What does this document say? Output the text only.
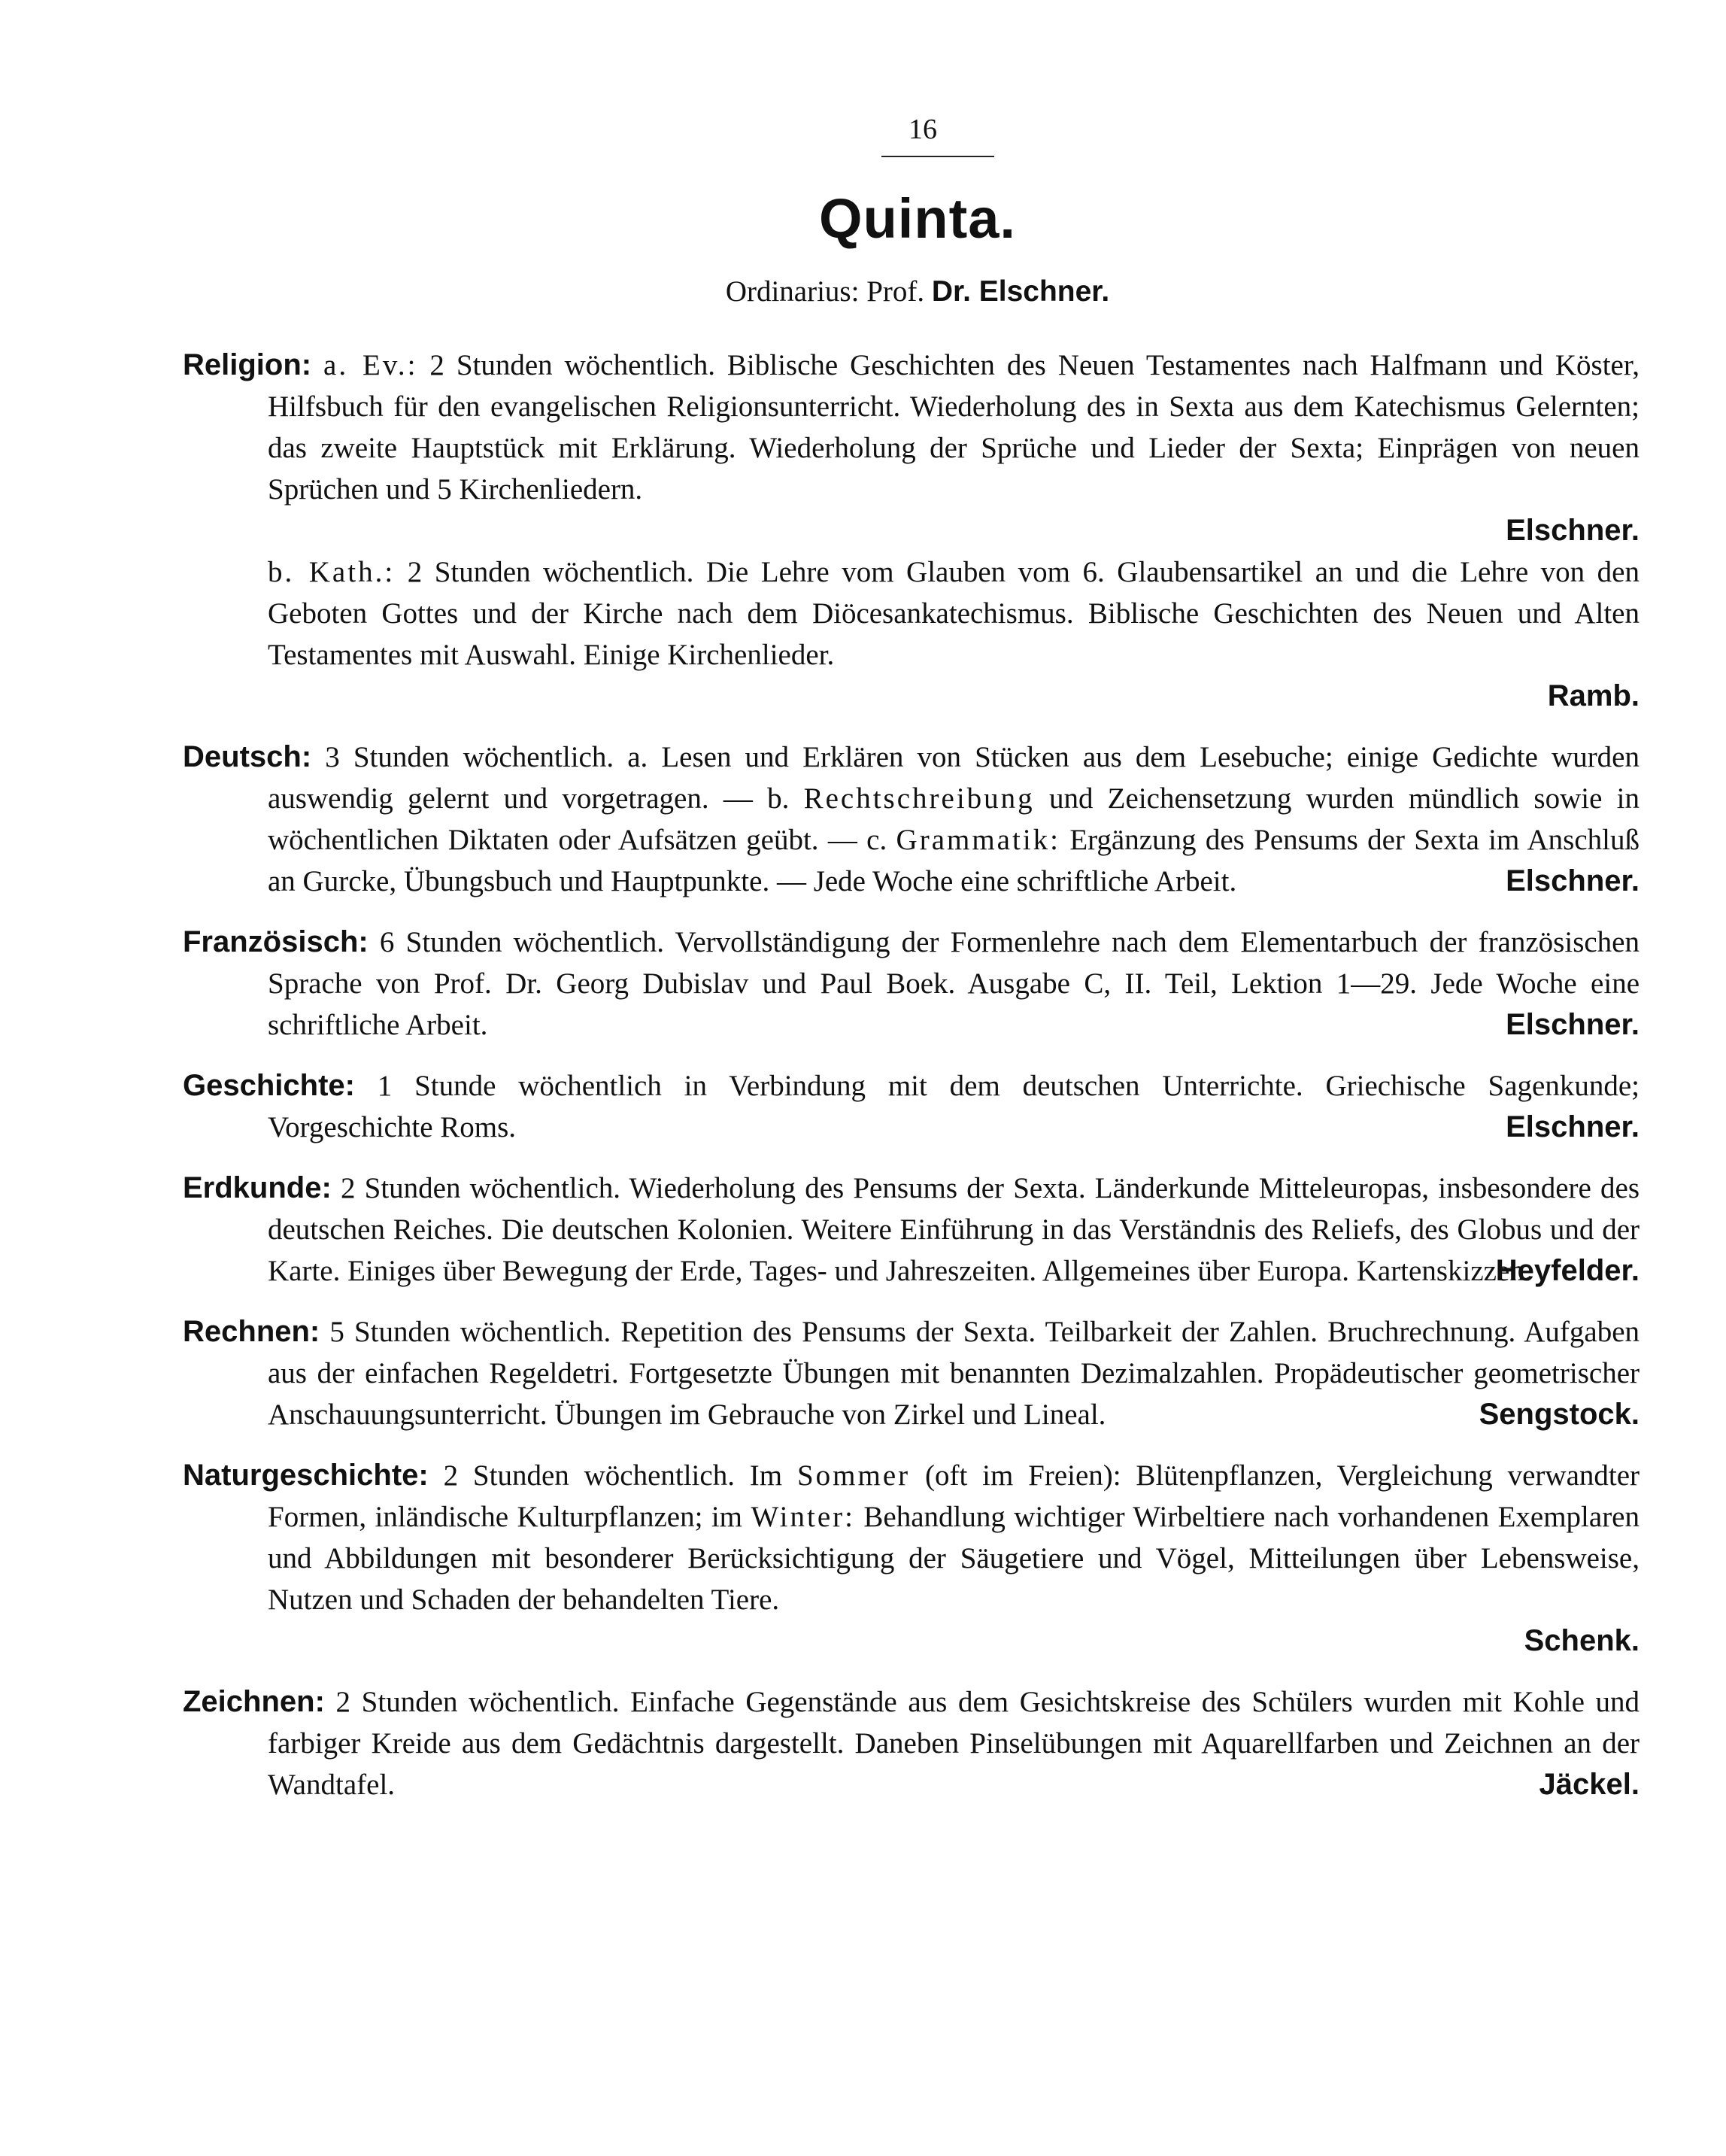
16
Quinta.
Ordinarius: Prof. Dr. Elschner.

Religion: a. Ev.: 2 Stunden wöchentlich. Biblische Geschichten des Neuen Testamentes nach Halfmann und Köster, Hilfsbuch für den evangelischen Religionsunterricht. Wiederholung des in Sexta aus dem Katechismus Gelernten; das zweite Hauptstück mit Erklärung. Wiederholung der Sprüche und Lieder der Sexta; Einprägen von neuen Sprüchen und 5 Kirchenliedern.

Elschner.

b. Kath.: 2 Stunden wöchentlich. Die Lehre vom Glauben vom 6. Glaubensartikel an und die Lehre von den Geboten Gottes und der Kirche nach dem Diöcesankatechismus. Biblische Geschichten des Neuen und Alten Testamentes mit Auswahl. Einige Kirchenlieder.

Ramb.

Deutsch: 3 Stunden wöchentlich. a. Lesen und Erklären von Stücken aus dem Lesebuche; einige Gedichte wurden auswendig gelernt und vorgetragen. — b. Rechtschreibung und Zeichensetzung wurden mündlich sowie in wöchentlichen Diktaten oder Aufsätzen geübt. — c. Grammatik: Ergänzung des Pensums der Sexta im Anschluß an Gurcke, Übungsbuch und Hauptpunkte. — Jede Woche eine schriftliche Arbeit.	Elschner.

Französisch: 6 Stunden wöchentlich. Vervollständigung der Formenlehre nach dem Elementarbuch der französischen Sprache von Prof. Dr. Georg Dubislav und Paul Boek. Ausgabe C, II. Teil, Lektion 1—29. Jede Woche eine schriftliche Arbeit.	Elschner.

Geschichte: 1 Stunde wöchentlich in Verbindung mit dem deutschen Unterrichte. Griechische Sagenkunde; Vorgeschichte Roms.	Elschner.

Erdkunde: 2 Stunden wöchentlich. Wiederholung des Pensums der Sexta. Länderkunde Mitteleuropas, insbesondere des deutschen Reiches. Die deutschen Kolonien. Weitere Einführung in das Verständnis des Reliefs, des Globus und der Karte. Einiges über Bewegung der Erde, Tages- und Jahreszeiten. Allgemeines über Europa. Kartenskizzen.
Heyfelder.

Rechnen: 5 Stunden wöchentlich. Repetition des Pensums der Sexta. Teilbarkeit der Zahlen. Bruchrechnung. Aufgaben aus der einfachen Regeldetri. Fortgesetzte Übungen mit benannten Dezimalzahlen. Propädeutischer geometrischer Anschauungsunterricht. Übungen im Gebrauche von Zirkel und Lineal.	Sengstock.

Naturgeschichte: 2 Stunden wöchentlich. Im Sommer (oft im Freien): Blütenpflanzen, Vergleichung verwandter Formen, inländische Kulturpflanzen; im Winter: Behandlung wichtiger Wirbeltiere nach vorhandenen Exemplaren und Abbildungen mit besonderer Berücksichtigung der Säugetiere und Vögel, Mitteilungen über Lebensweise, Nutzen und Schaden der behandelten Tiere.

Schenk.

Zeichnen: 2 Stunden wöchentlich. Einfache Gegenstände aus dem Gesichtskreise des Schülers wurden mit Kohle und farbiger Kreide aus dem Gedächtnis dargestellt. Daneben Pinselübungen mit Aquarellfarben und Zeichnen an der Wandtafel.	Jäckel.
